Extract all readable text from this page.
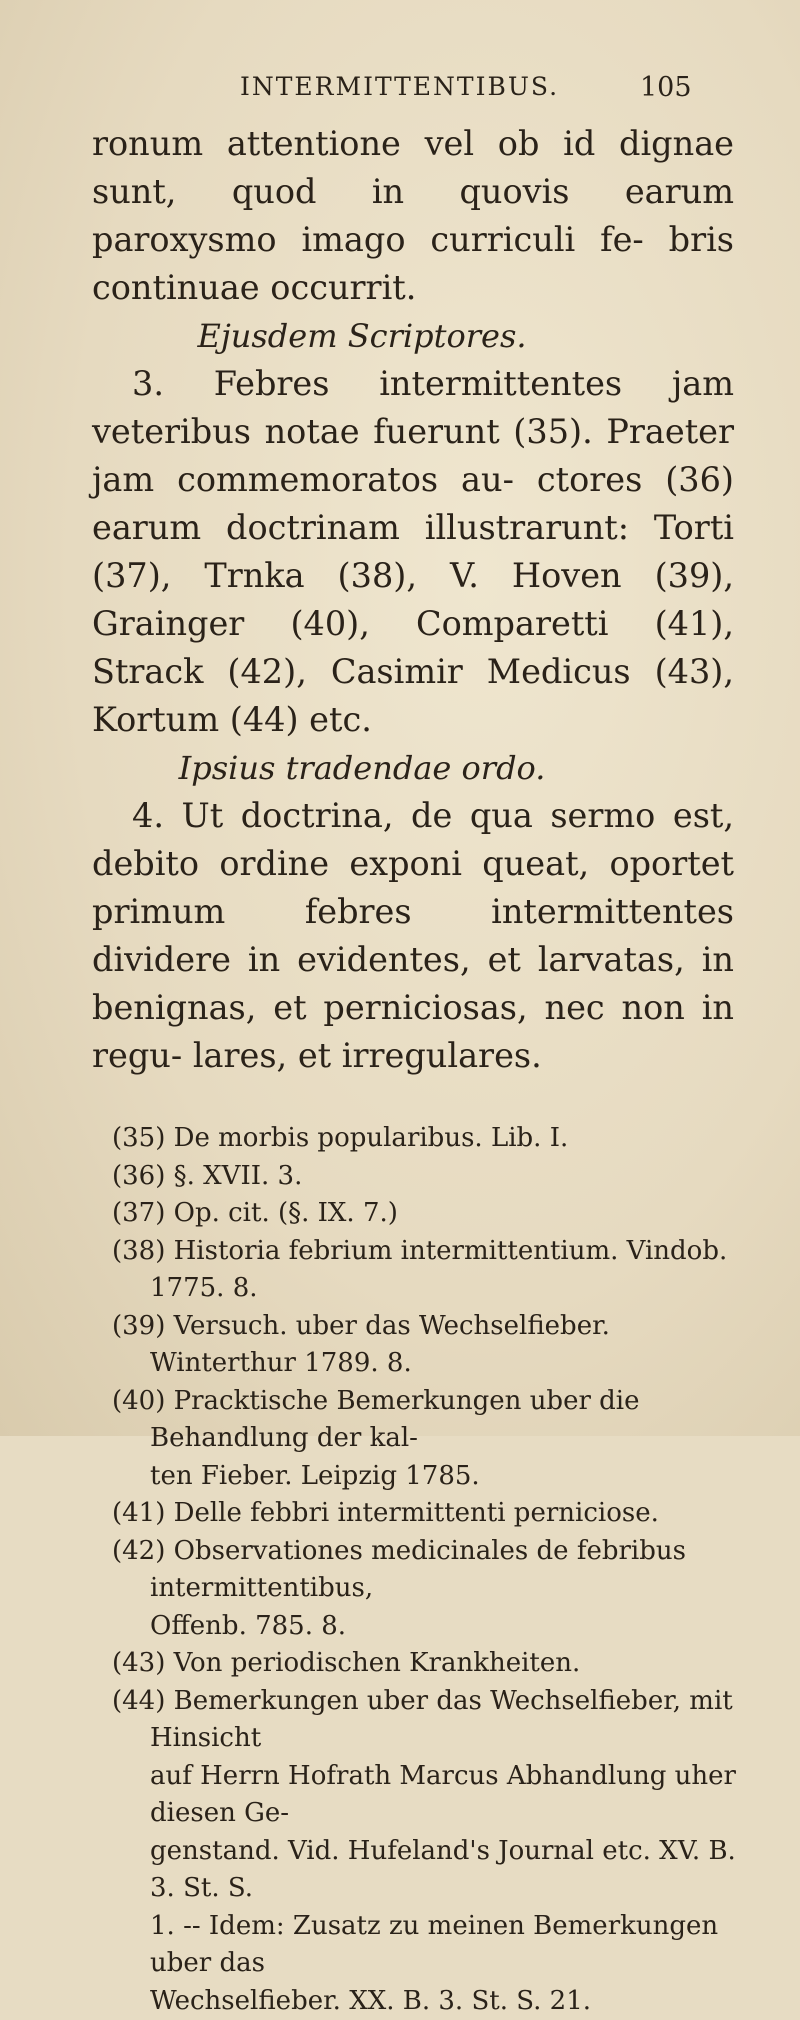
INTERMITTENTIBUS.	105

ronum attentione vel ob id dignae sunt, quod in quovis earum paroxysmo imago curriculi fe- bris continuae occurrit.

Ejusdem Scriptores.

3. Febres intermittentes jam veteribus notae fuerunt (35). Praeter jam commemoratos au- ctores (36) earum doctrinam illustrarunt: Torti (37), Trnka (38), V. Hoven (39), Grainger (40), Comparetti (41), Strack (42), Casimir Medicus (43), Kortum (44) etc.

Ipsius tradendae ordo.

4. Ut doctrina, de qua sermo est, debito ordine exponi queat, oportet primum febres intermittentes dividere in evidentes, et larvatas, in benignas, et perniciosas, nec non in regu- lares, et irregulares.

(35) De morbis popularibus. Lib. I.
(36) §. XVII. 3.
(37) Op. cit. (§. IX. 7.)
(38) Historia febrium intermittentium. Vindob. 1775. 8.
(39) Versuch. uber das Wechselfieber. Winterthur 1789. 8.
(40) Pracktische Bemerkungen uber die Behandlung der kal-
ten Fieber. Leipzig 1785.
(41) Delle febbri intermittenti perniciose.
(42) Observationes medicinales de febribus intermittentibus,
Offenb. 785. 8.
(43) Von periodischen Krankheiten.
(44) Bemerkungen uber das Wechselfieber, mit Hinsicht
auf Herrn Hofrath Marcus Abhandlung uher diesen Ge-
genstand. Vid. Hufeland's Journal etc. XV. B. 3. St. S.
1. -- Idem: Zusatz zu meinen Bemerkungen uber das
Wechselfieber. XX. B. 3. St. S. 21.
